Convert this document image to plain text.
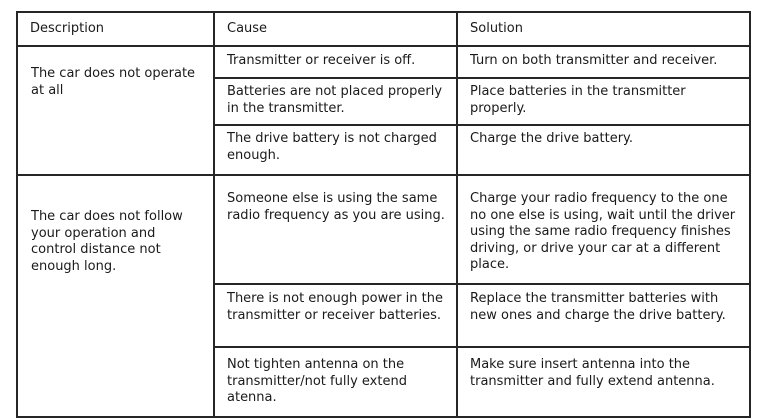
Description	Cause	Solution
The car does not operate at all	Transmitter or receiver is off.	Turn on both transmitter and receiver.
	Batteries are not placed properly in the transmitter.	Place batteries in the transmitter properly.
	The drive battery is not charged enough.	Charge the drive battery.
The car does not follow your operation and control distance not enough long.	Someone else is using the same radio frequency as you are using.	Charge your radio frequency to the one no one else is using, wait until the driver using the same radio frequency finishes driving, or drive your car at a different place.
	There is not enough power in the transmitter or receiver batteries.	Replace the transmitter batteries with new ones and charge the drive battery.
	Not tighten antenna on the transmitter/not fully extend atenna.	Make sure insert antenna into the transmitter and fully extend antenna.
